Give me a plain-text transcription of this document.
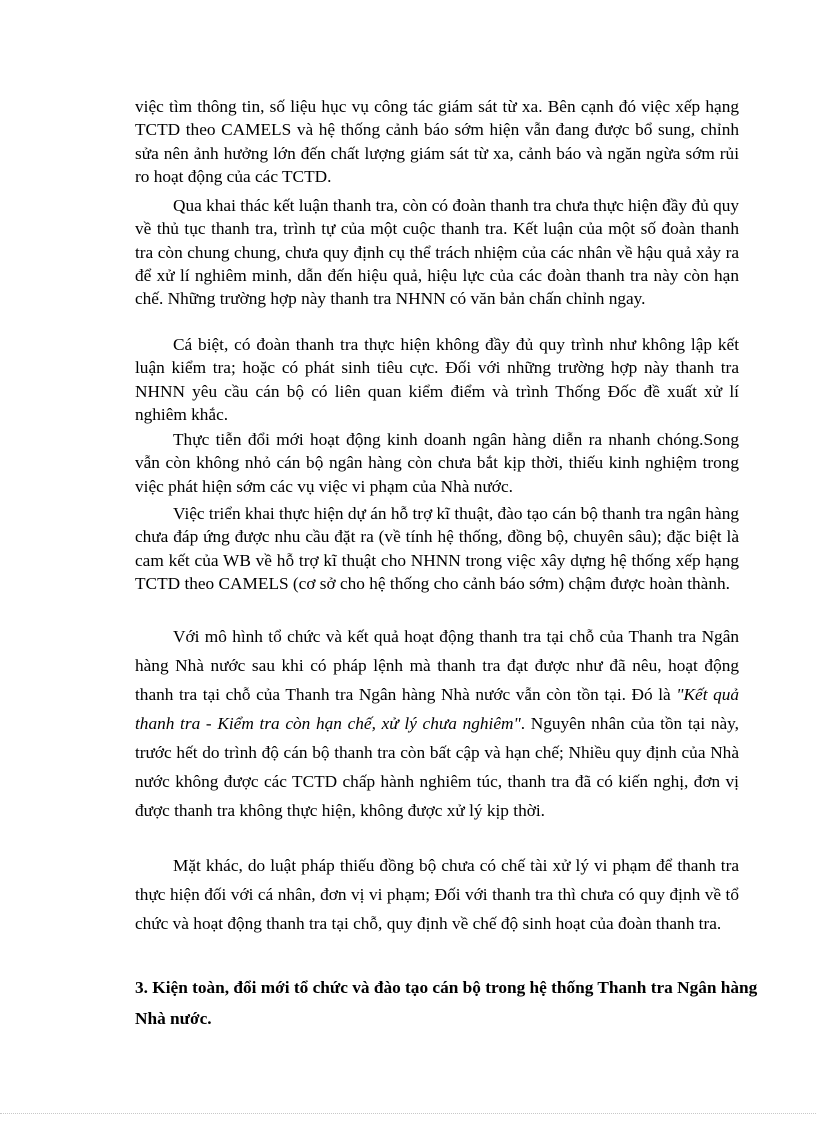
việc tìm thông tin, số liệu hục vụ công tác giám sát từ xa. Bên cạnh đó việc xếp hạng TCTD theo CAMELS và hệ thống cảnh báo sớm hiện vẫn đang được bổ sung, chỉnh sửa nên ảnh hưởng lớn đến chất lượng giám sát từ xa, cảnh báo và ngăn ngừa sớm rủi ro hoạt động của các TCTD.

Qua khai thác kết luận thanh tra, còn có đoàn thanh tra chưa thực hiện đầy đủ quy về thủ tục thanh tra, trình tự của một cuộc thanh tra. Kết luận của một số đoàn thanh tra còn chung chung, chưa quy định cụ thể trách nhiệm của các nhân về hậu quả xảy ra để xử lí nghiêm minh, dẫn đến hiệu quả, hiệu lực của các đoàn thanh tra này còn hạn chế. Những trường hợp này thanh tra NHNN có văn bản chấn chỉnh ngay.

Cá biệt, có đoàn thanh tra thực hiện không đầy đủ quy trình như không lập kết luận kiểm tra; hoặc có phát sinh tiêu cực. Đối với những trường hợp này thanh tra NHNN yêu cầu cán bộ có liên quan kiểm điểm và trình Thống Đốc đề xuất xử lí nghiêm khắc.

Thực tiễn đổi mới hoạt động kinh doanh ngân hàng diễn ra nhanh chóng.Song vẫn còn không nhỏ cán bộ ngân hàng còn chưa bắt kịp thời, thiếu kinh nghiệm trong việc phát hiện sớm các vụ việc vi phạm của Nhà nước.

Việc triển khai thực hiện dự án hỗ trợ kĩ thuật, đào tạo cán bộ thanh tra ngân hàng chưa đáp ứng được nhu cầu đặt ra (về tính hệ thống, đồng bộ, chuyên sâu); đặc biệt là cam kết của WB về hỗ trợ kĩ thuật cho NHNN trong việc xây dựng hệ thống xếp hạng TCTD theo CAMELS (cơ sở cho hệ thống cho cảnh báo sớm) chậm được hoàn thành.

Với mô hình tổ chức và kết quả hoạt động thanh tra tại chỗ của Thanh tra Ngân hàng Nhà nước sau khi có pháp lệnh mà thanh tra đạt được như đã nêu, hoạt động thanh tra tại chỗ của Thanh tra Ngân hàng Nhà nước vẫn còn tồn tại. Đó là "Kết quả thanh tra - Kiểm tra còn hạn chế, xử lý chưa nghiêm". Nguyên nhân của tồn tại này, trước hết do trình độ cán bộ thanh tra còn bất cập và hạn chế; Nhiều quy định của Nhà nước không được các TCTD chấp hành nghiêm túc, thanh tra đã có kiến nghị, đơn vị được thanh tra không thực hiện, không được xử lý kịp thời.

Mặt khác, do luật pháp thiếu đồng bộ chưa có chế tài xử lý vi phạm để thanh tra thực hiện đối với cá nhân, đơn vị vi phạm; Đối với thanh tra thì chưa có quy định về tổ chức và hoạt động thanh tra tại chỗ, quy định về chế độ sinh hoạt của đoàn thanh tra.

3. Kiện toàn, đổi mới tổ chức và đào tạo cán bộ trong hệ thống Thanh tra Ngân hàng Nhà nước.
